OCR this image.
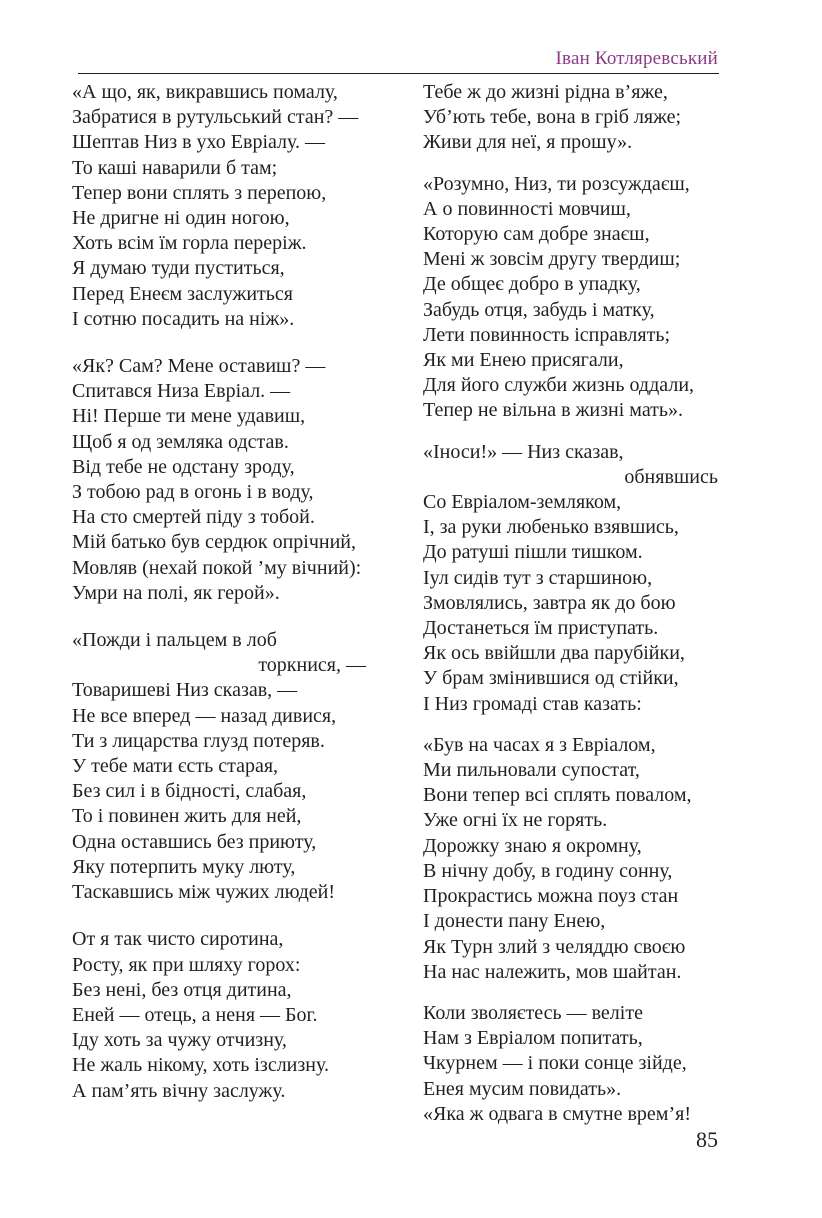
Іван Котляревський
«А що, як, викравшись помалу,
Забратися в рутульський стан? —
Шептав Низ в ухо Евріалу. —
То каші наварили б там;
Тепер вони сплять з перепою,
Не дригне ні один ногою,
Хоть всім їм горла переріж.
Я думаю туди пуститься,
Перед Енеєм заслужиться
І сотню посадить на ніж».
«Як? Сам? Мене оставиш? —
Спитався Низа Евріал. —
Ні! Перше ти мене удавиш,
Щоб я од земляка одстав.
Від тебе не одстану зроду,
З тобою рад в огонь і в воду,
На сто смертей піду з тобой.
Мій батько був сердюк опрічний,
Мовляв (нехай покой ’му вічний):
Умри на полі, як герой».
«Пожди і пальцем в лоб
торкнися, —
Товаришеві Низ сказав, —
Не все вперед — назад дивися,
Ти з лицарства глузд потеряв.
У тебе мати єсть старая,
Без сил і в бідності, слабая,
То і повинен жить для ней,
Одна оставшись без приюту,
Яку потерпить муку люту,
Таскавшись між чужих людей!
От я так чисто сиротина,
Росту, як при шляху горох:
Без нені, без отця дитина,
Еней — отець, а неня — Бог.
Іду хоть за чужу отчизну,
Не жаль нікому, хоть ізслизну.
А пам’ять вічну заслужу.
Тебе ж до жизні рідна в’яже,
Уб’ють тебе, вона в гріб ляже;
Живи для неї, я прошу».
«Розумно, Низ, ти розсуждаєш,
А о повинності мовчиш,
Которую сам добре знаєш,
Мені ж зовсім другу твердиш;
Де общеє добро в упадку,
Забудь отця, забудь і матку,
Лети повинность ісправлять;
Як ми Енею присягали,
Для його служби жизнь оддали,
Тепер не вільна в жизні мать».
«Іноси!» — Низ сказав,
обнявшись
Со Евріалом-земляком,
І, за руки любенько взявшись,
До ратуші пішли тишком.
Іул сидів тут з старшиною,
Змовлялись, завтра як до бою
Достанеться їм приступать.
Як ось ввійшли два парубійки,
У брам змінившися од стійки,
І Низ громаді став казать:
«Був на часах я з Евріалом,
Ми пильновали супостат,
Вони тепер всі сплять повалом,
Уже огні їх не горять.
Дорожку знаю я окромну,
В нічну добу, в годину сонну,
Прокрастись можна поуз стан
І донести пану Енею,
Як Турн злий з челяддю своєю
На нас належить, мов шайтан.
Коли зволяєтесь — веліте
Нам з Евріалом попитать,
Чкурнем — і поки сонце зійде,
Енея мусим повидать».
«Яка ж одвага в смутне врем’я!
85
